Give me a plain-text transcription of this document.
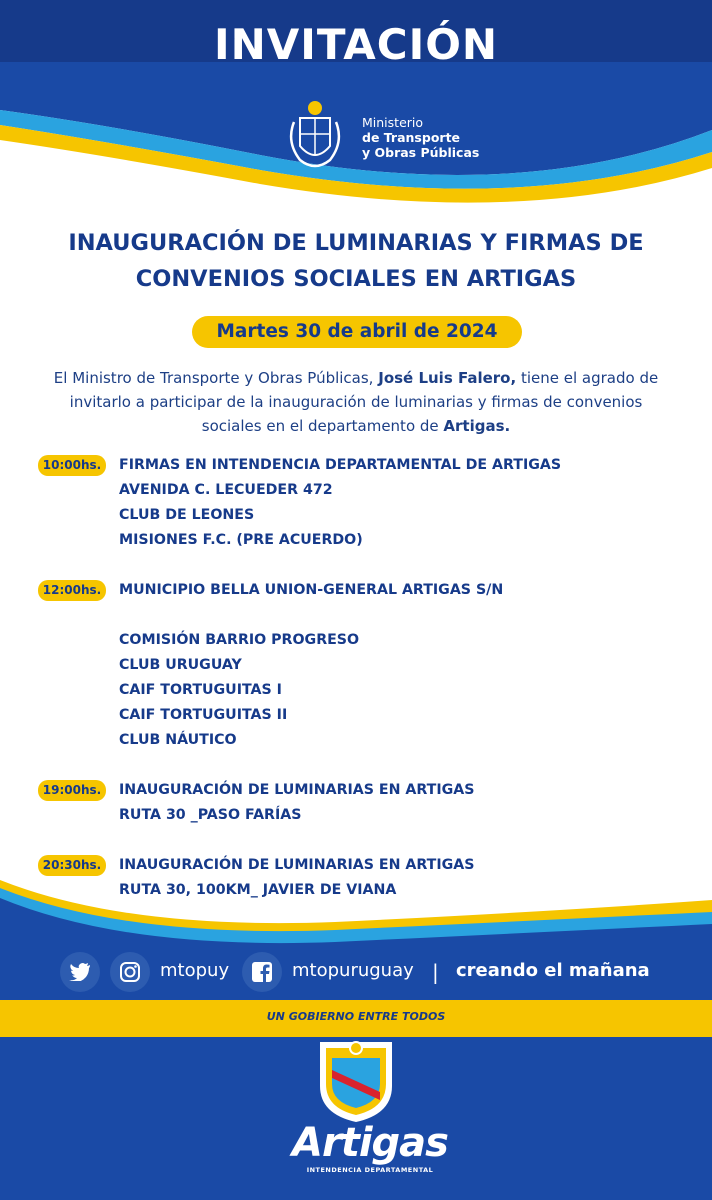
INVITACIÓN
Ministerio
de Transporte
y Obras Públicas
INAUGURACIÓN DE LUMINARIAS Y FIRMAS DE
CONVENIOS SOCIALES EN ARTIGAS
Martes 30 de abril de 2024
El Ministro de Transporte y Obras Públicas, José Luis Falero, tiene el agrado de invitarlo a participar de la inauguración de luminarias y firmas de convenios sociales en el departamento de Artigas.
10:00hs.	FIRMAS EN INTENDENCIA DEPARTAMENTAL DE ARTIGAS
AVENIDA C. LECUEDER 472
CLUB DE LEONES
MISIONES F.C. (PRE ACUERDO)
12:00hs.	MUNICIPIO BELLA UNION-GENERAL ARTIGAS S/N
COMISIÓN BARRIO PROGRESO
CLUB URUGUAY
CAIF TORTUGUITAS I
CAIF TORTUGUITAS II
CLUB NÁUTICO
19:00hs.	INAUGURACIÓN DE LUMINARIAS EN ARTIGAS
RUTA 30 _PASO FARÍAS
20:30hs.	INAUGURACIÓN DE LUMINARIAS EN ARTIGAS
RUTA 30, 100KM_ JAVIER DE VIANA
mtopuy	mtopuruguay | creando el mañana
UN GOBIERNO ENTRE TODOS
Artigas
INTENDENCIA DEPARTAMENTAL
